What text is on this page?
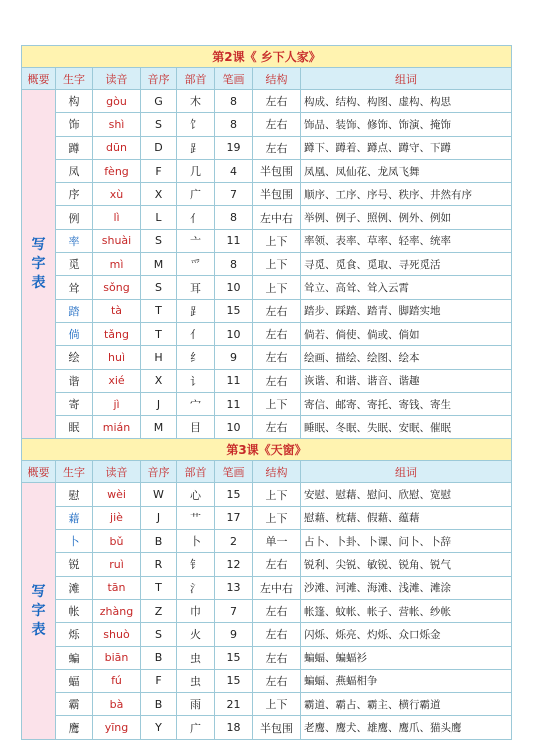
第2课《 乡下人家》							
概要	生字	读音	音序	部首	笔画	结构	组词
写字表	构	gòu	G	木	8	左右	构成、结构、构图、虚构、构思
	饰	shì	S	饣	8	左右	饰品、装饰、修饰、饰演、掩饰
	蹲	dūn	D	⻊	19	左右	蹲下、蹲着、蹲点、蹲守、下蹲
	凤	fèng	F	几	4	半包围	凤凰、凤仙花、龙凤飞舞
	序	xù	X	广	7	半包围	顺序、工序、序号、秩序、井然有序
	例	lì	L	亻	8	左中右	举例、例子、照例、例外、例如
	率	shuài	S	亠	11	上下	率领、表率、草率、轻率、统率
	觅	mì	M	爫	8	上下	寻觅、觅食、觅取、寻死觅活
	耸	sǒng	S	耳	10	上下	耸立、高耸、耸入云霄
	踏	tà	T	⻊	15	左右	踏步、踩踏、踏青、脚踏实地
	倘	tǎng	T	亻	10	左右	倘若、倘使、倘或、倘如
	绘	huì	H	纟	9	左右	绘画、描绘、绘图、绘本
	谐	xié	X	讠	11	左右	诙谐、和谐、谐音、谐趣
	寄	jì	J	宀	11	上下	寄信、邮寄、寄托、寄钱、寄生
	眠	mián	M	目	10	左右	睡眠、冬眠、失眠、安眠、催眠
第3课《天窗》							
概要	生字	读音	音序	部首	笔画	结构	组词
写字表	慰	wèi	W	心	15	上下	安慰、慰藉、慰问、欣慰、宽慰
	藉	jiè	J	艹	17	上下	慰藉、枕藉、假藉、蕴藉
	卜	bǔ	B	卜	2	单一	占卜、卜卦、卜课、问卜、卜辞
	锐	ruì	R	钅	12	左右	锐利、尖锐、敏锐、锐角、锐气
	滩	tān	T	氵	13	左中右	沙滩、河滩、海滩、浅滩、滩涂
	帐	zhàng	Z	巾	7	左右	帐篷、蚊帐、帐子、营帐、纱帐
	烁	shuò	S	火	9	左右	闪烁、烁亮、灼烁、众口烁金
	蝙	biān	B	虫	15	左右	蝙蝠、蝙蝠衫
	蝠	fú	F	虫	15	左右	蝙蝠、燕蝠相争
	霸	bà	B	雨	21	上下	霸道、霸占、霸主、横行霸道
	鹰	yīng	Y	广	18	半包围	老鹰、鹰犬、雄鹰、鹰爪、猫头鹰
